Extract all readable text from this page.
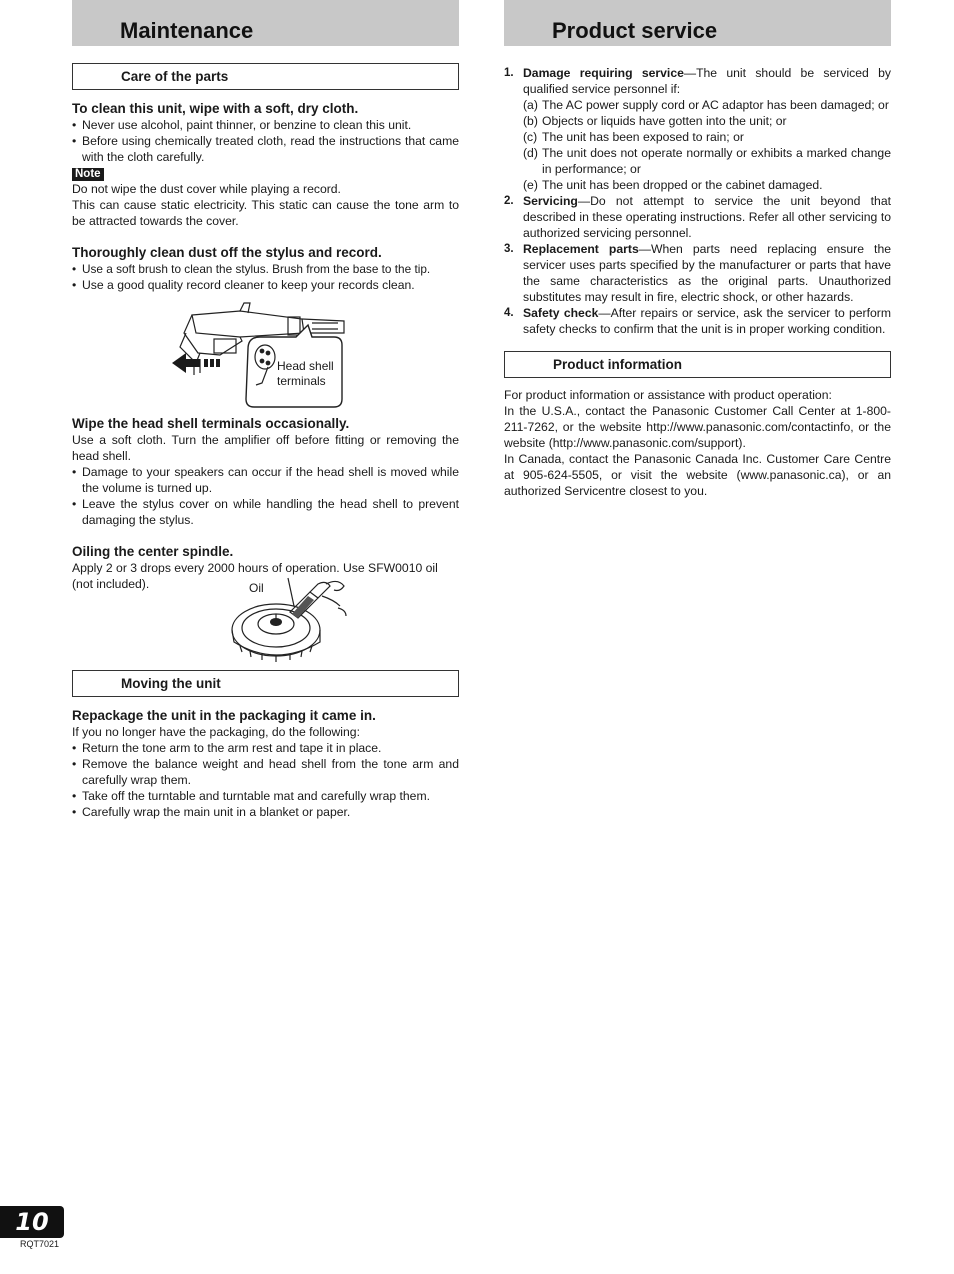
Maintenance
Care of the parts
To clean this unit, wipe with a soft, dry cloth.
• Never use alcohol, paint thinner, or benzine to clean this unit.
• Before using chemically treated cloth, read the instructions that came with the cloth carefully.
Note

Do not wipe the dust cover while playing a record.

This can cause static electricity. This static can cause the tone arm to be attracted towards the cover.

Thoroughly clean dust off the stylus and record.
• Use a soft brush to clean the stylus. Brush from the base to the tip.
• Use a good quality record cleaner to keep your records clean.
Head shell
terminals
Wipe the head shell terminals occasionally.

Use a soft cloth. Turn the amplifier off before fitting or removing the head shell.

• Damage to your speakers can occur if the head shell is moved while the volume is turned up.
• Leave the stylus cover on while handling the head shell to prevent damaging the stylus.
Oiling the center spindle.
Apply 2 or 3 drops every 2000 hours of operation. Use SFW0010 oil
(not included).	Oil
Moving the unit
Repackage the unit in the packaging it came in.

If you no longer have the packaging, do the following:

• Return the tone arm to the arm rest and tape it in place.
• Remove the balance weight and head shell from the tone arm and carefully wrap them.
• Take off the turntable and turntable mat and carefully wrap them.
• Carefully wrap the main unit in a blanket or paper.
Product service
1. Damage requiring service—The unit should be serviced by qualified service personnel if:
(a) The AC power supply cord or AC adaptor has been damaged; or
(b) Objects or liquids have gotten into the unit; or
(c) The unit has been exposed to rain; or
(d) The unit does not operate normally or exhibits a marked change in performance; or
(e) The unit has been dropped or the cabinet damaged.
2. Servicing—Do not attempt to service the unit beyond that described in these operating instructions. Refer all other servicing to authorized servicing personnel.
3. Replacement parts—When parts need replacing ensure the servicer uses parts specified by the manufacturer or parts that have the same characteristics as the original parts. Unauthorized substitutes may result in fire, electric shock, or other hazards.
4. Safety check—After repairs or service, ask the servicer to perform safety checks to confirm that the unit is in proper working condition.
Product information

For product information or assistance with product operation:

In the U.S.A., contact the Panasonic Customer Call Center at 1-800-211-7262, or the website http://www.panasonic.com/contactinfo, or the website (http://www.panasonic.com/support).

In Canada, contact the Panasonic Canada Inc. Customer Care Centre at 905-624-5505, or visit the website (www.panasonic.ca), or an authorized Servicentre closest to you.

10
RQT7021
